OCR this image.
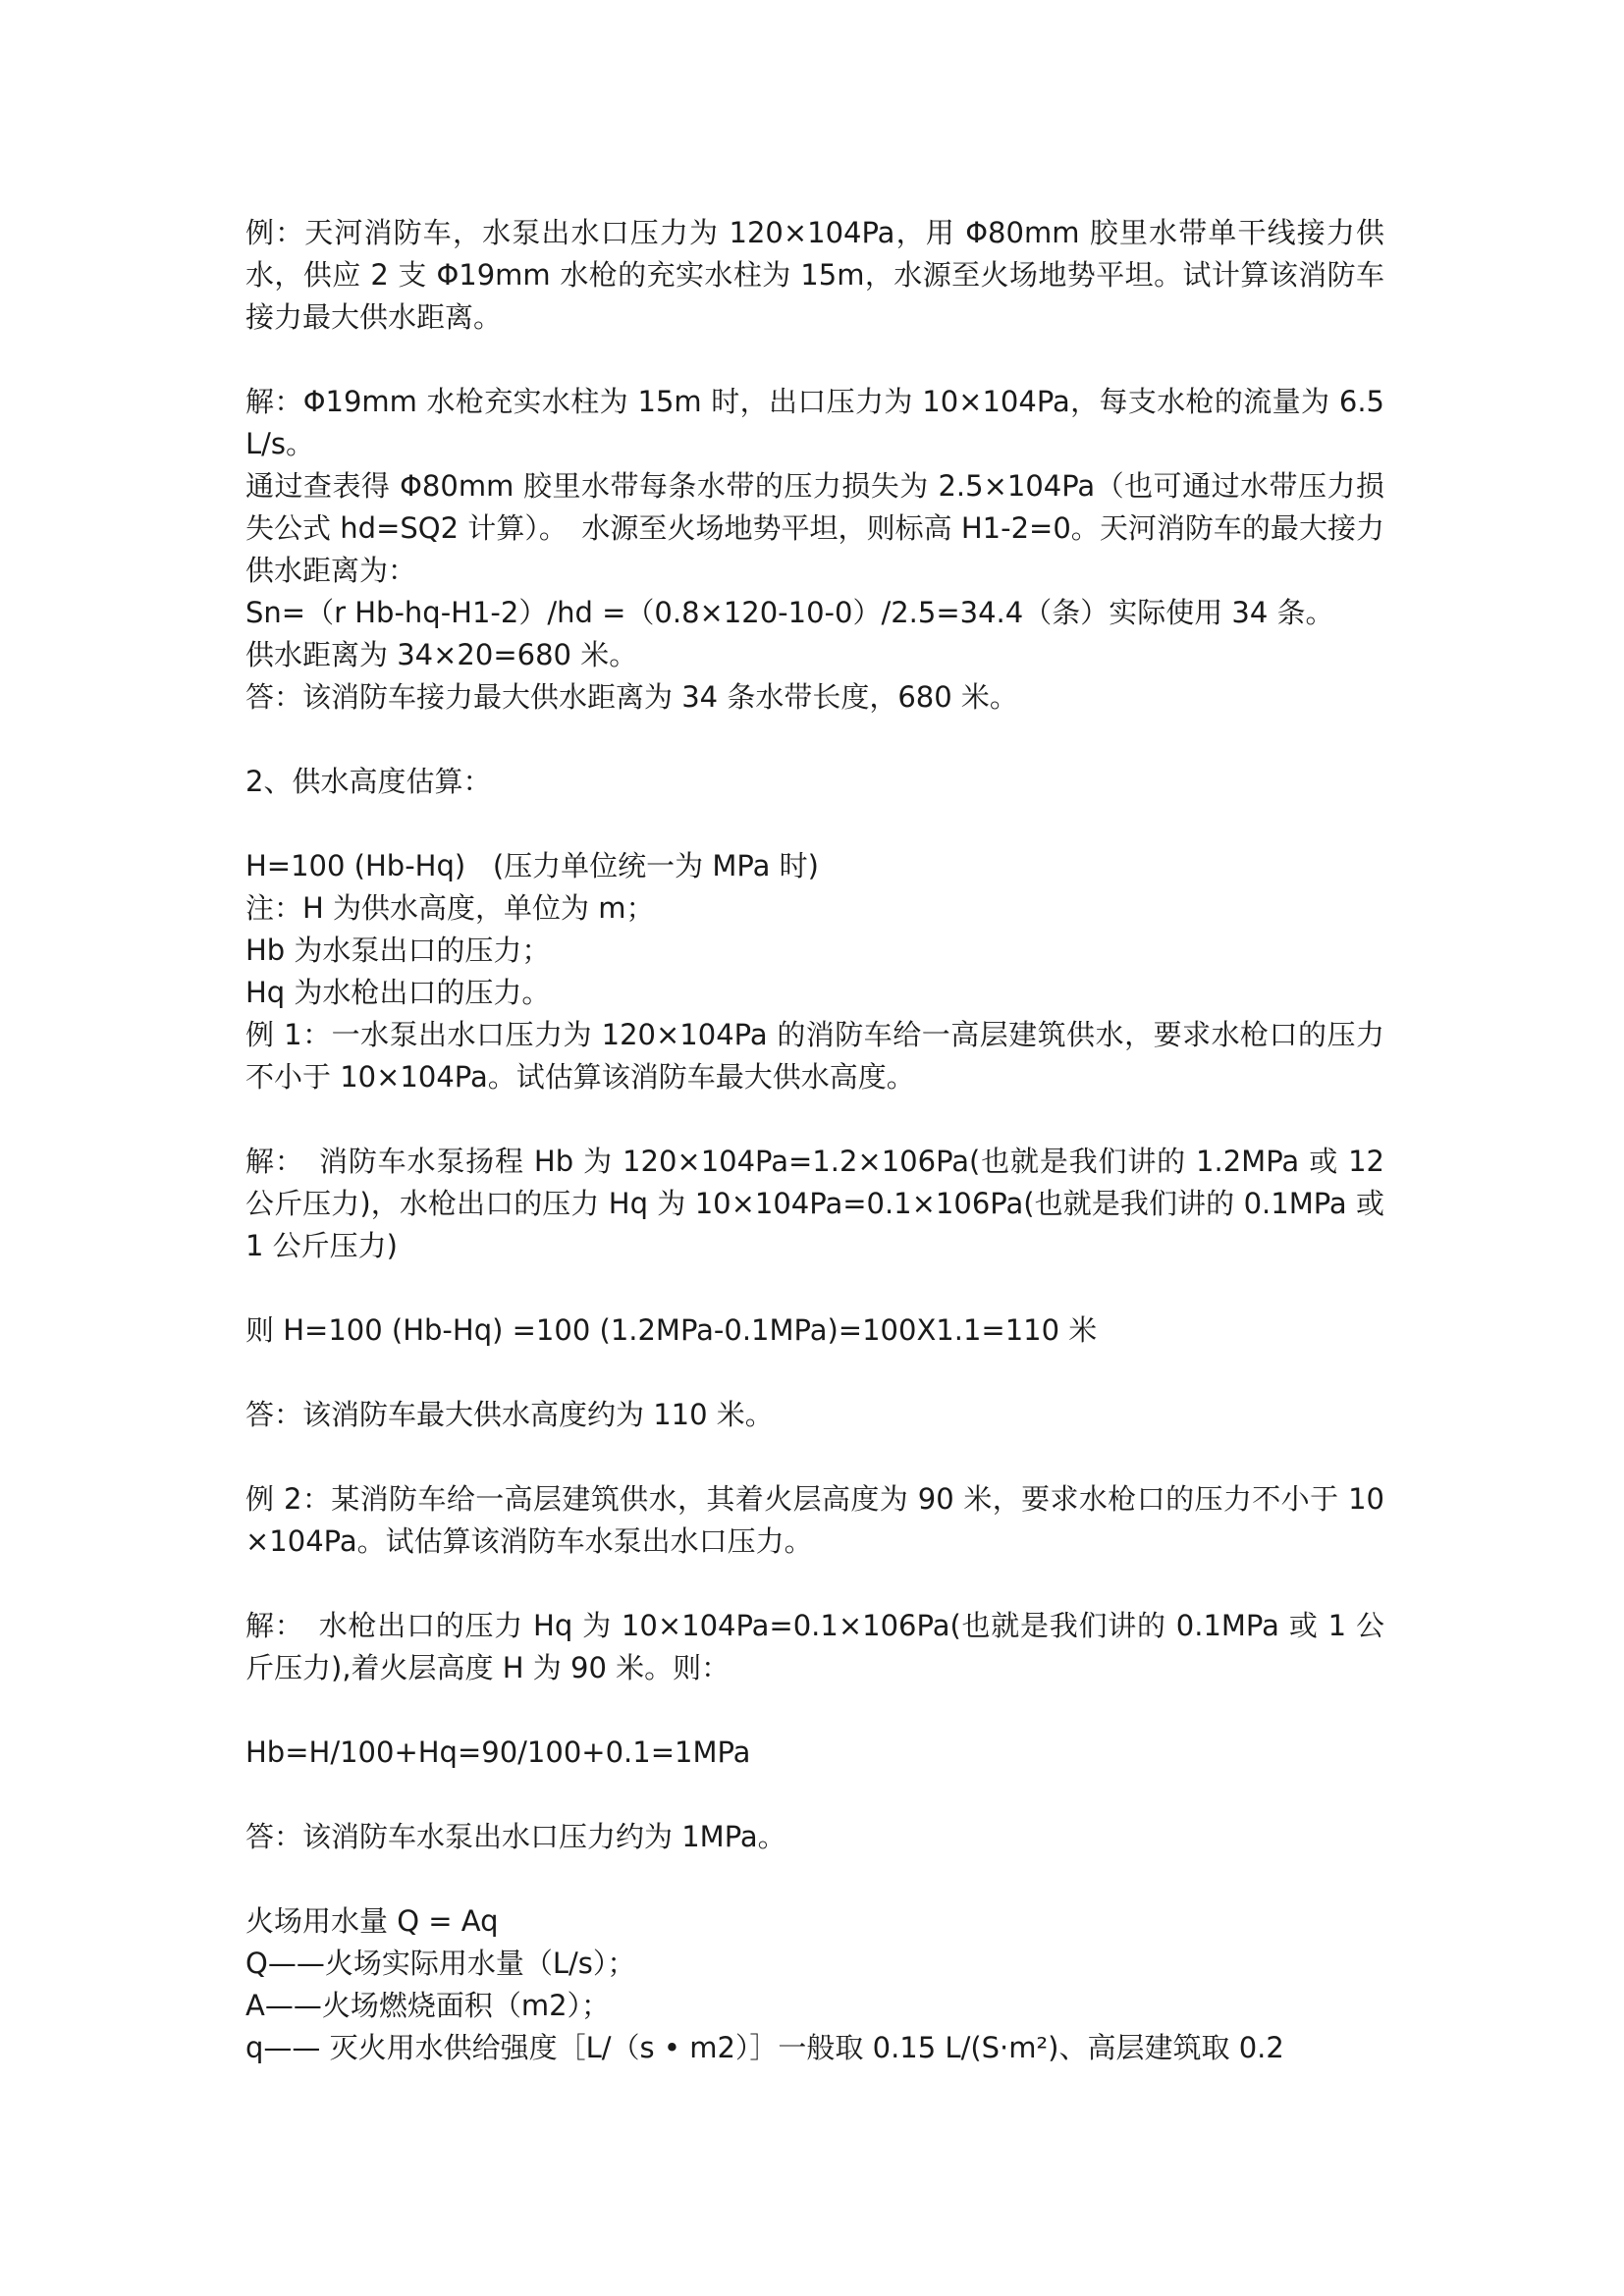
例：天河消防车，水泵出水口压力为 120×104Pa，用 Φ80mm 胶里水带单干线接力供水，供应 2 支 Φ19mm 水枪的充实水柱为 15m，水源至火场地势平坦。试计算该消防车接力最大供水距离。

解：Φ19mm 水枪充实水柱为 15m 时，出口压力为 10×104Pa，每支水枪的流量为 6.5L/s。

通过查表得 Φ80mm 胶里水带每条水带的压力损失为 2.5×104Pa（也可通过水带压力损失公式 hd=SQ2 计算）。　水源至火场地势平坦，则标高 H1-2=0。天河消防车的最大接力供水距离为：

Sn=（r Hb-hq-H1-2）/hd =（0.8×120-10-0）/2.5=34.4（条）实际使用 34 条。

供水距离为 34×20=680 米。

答：该消防车接力最大供水距离为 34 条水带长度，680 米。

2、供水高度估算：

H=100 (Hb-Hq)   (压力单位统一为 MPa 时)

注：H 为供水高度，单位为 m；

Hb 为水泵出口的压力；

Hq 为水枪出口的压力。

例 1：一水泵出水口压力为 120×104Pa 的消防车给一高层建筑供水，要求水枪口的压力不小于 10×104Pa。试估算该消防车最大供水高度。

解：　消防车水泵扬程 Hb 为 120×104Pa=1.2×106Pa(也就是我们讲的 1.2MPa 或 12 公斤压力)，水枪出口的压力 Hq 为 10×104Pa=0.1×106Pa(也就是我们讲的 0.1MPa 或 1 公斤压力)

则 H=100 (Hb-Hq) =100 (1.2MPa-0.1MPa)=100X1.1=110 米

答：该消防车最大供水高度约为 110 米。

例 2：某消防车给一高层建筑供水，其着火层高度为 90 米，要求水枪口的压力不小于 10×104Pa。试估算该消防车水泵出水口压力。

解：　水枪出口的压力 Hq 为 10×104Pa=0.1×106Pa(也就是我们讲的 0.1MPa 或 1 公斤压力),着火层高度 H 为 90 米。则：

Hb=H/100+Hq=90/100+0.1=1MPa

答：该消防车水泵出水口压力约为 1MPa。

火场用水量 Q = Aq

Q——火场实际用水量（L/s）；

A——火场燃烧面积（m2）；

q—— 灭火用水供给强度［L/（s • m2）］一般取 0.15 L/(S·m²)、高层建筑取 0.2
